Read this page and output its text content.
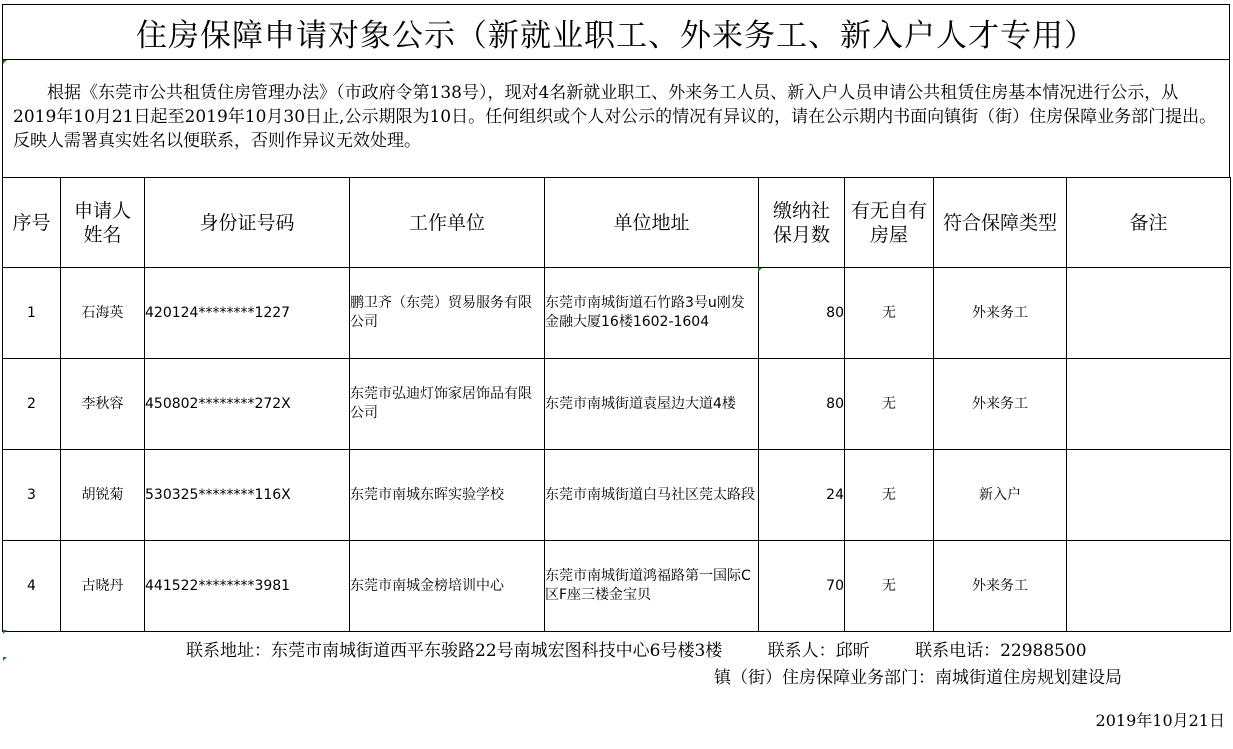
住房保障申请对象公示（新就业职工、外来务工、新入户人才专用）

根据《东莞市公共租赁住房管理办法》（市政府令第138号），现对4名新就业职工、外来务工人员、新入户人员申请公共租赁住房基本情况进行公示，从 2019年10月21日起至2019年10月30日止,公示期限为10日。任何组织或个人对公示的情况有异议的，请在公示期内书面向镇街（街）住房保障业务部门提出。反映人需署真实姓名以便联系，否则作异议无效处理。

序号	申请人姓名	身份证号码	工作单位	单位地址	缴纳社保月数	有无自有房屋	符合保障类型	备注
1	石海英	420124********1227	鹏卫齐（东莞）贸易服务有限公司	东莞市南城街道石竹路3号u刚发金融大厦16楼1602-1604	80	无	外来务工	
2	李秋容	450802********272X	东莞市弘迪灯饰家居饰品有限公司	东莞市南城街道袁屋边大道4楼	80	无	外来务工	
3	胡锐菊	530325********116X	东莞市南城东晖实验学校	东莞市南城街道白马社区莞太路段	24	无	新入户	
4	古晓丹	441522********3981	东莞市南城金榜培训中心	东莞市南城街道鸿福路第一国际C区F座三楼金宝贝	70	无	外来务工	
联系地址：东莞市南城街道西平东骏路22号南城宏图科技中心6号楼3楼	联系人：邱昕	联系电话：22988500
镇（街）住房保障业务部门：南城街道住房规划建设局
2019年10月21日
